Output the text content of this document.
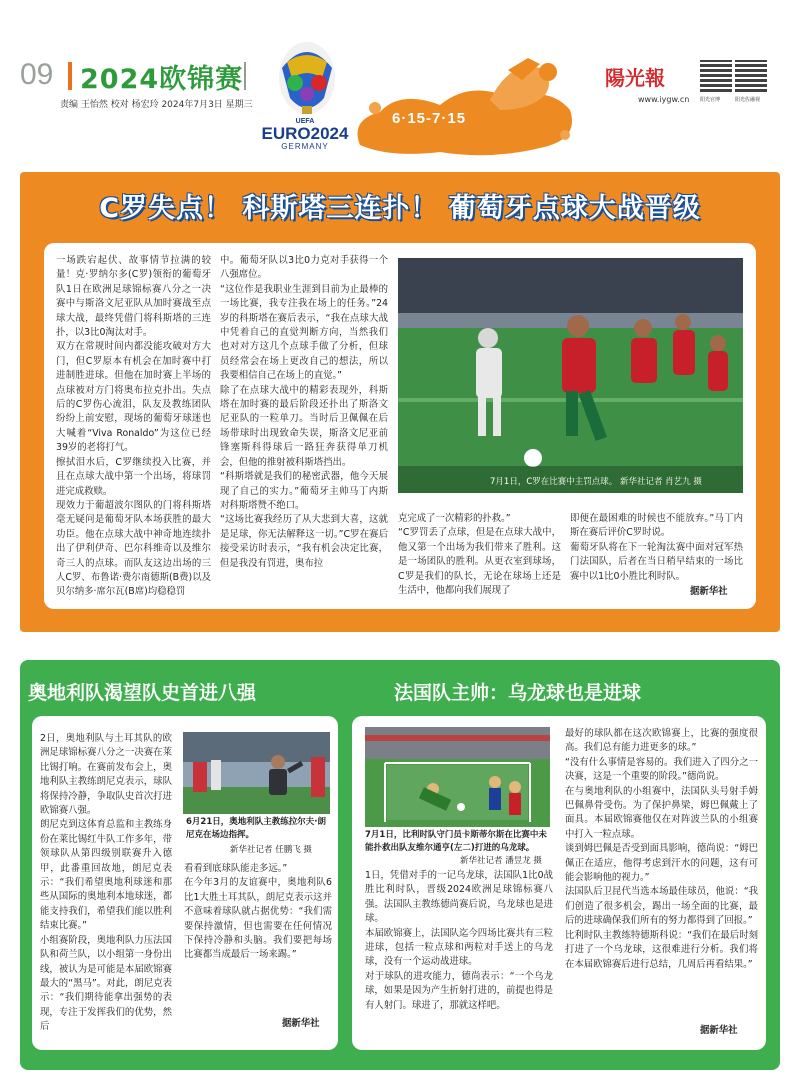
09 2024欧锦赛
责编 王怡然 校对 杨宏玲 2024年7月3日 星期三
UEFA
EURO2024
GERMANY
6·15-7·15
陽光報
www.iygw.cn 阳光官博	阳光佐融视
C罗失点！ 科斯塔三连扑！ 葡萄牙点球大战晋级
一场跌宕起伏、故事情节拉满的较量！克·罗纳尔多(C罗)领衔的葡萄牙队1日在欧洲足球锦标赛八分之一决赛中与斯洛文尼亚队从加时赛战至点球大战，最终凭借门将科斯塔的三连扑，以3比0淘汰对手。
双方在常规时间内都没能攻破对方大门，但C罗原本有机会在加时赛中打进制胜进球。但他在加时赛上半场的点球被对方门将奥布拉克扑出。失点后的C罗伤心流泪，队友及教练团队纷纷上前安慰，现场的葡萄牙球迷也大喊着“Viva Ronaldo”为这位已经39岁的老将打气。
擦拭泪水后，C罗继续投入比赛，并且在点球大战中第一个出场，将球罚进完成救赎。
现效力于葡超波尔图队的门将科斯塔毫无疑问是葡萄牙队本场获胜的最大功臣。他在点球大战中神奇地连续扑出了伊利伊奇、巴尔科维奇以及维尔奇三人的点球。而队友这边出场的三人C罗、布鲁诺·费尔南德斯(B费)以及贝尔纳多·席尔瓦(B席)均稳稳罚
中。葡萄牙队以3比0力克对手获得一个八强席位。
“这位作是我职业生涯到目前为止最棒的一场比赛，我专注我在场上的任务。”24岁的科斯塔在赛后表示，“我在点球大战中凭着自己的直觉判断方向，当然我们也对对方这几个点球手做了分析，但球员经常会在场上更改自己的想法，所以我要相信自己在场上的直觉。”
除了在点球大战中的精彩表现外，科斯塔在加时赛的最后阶段还扑出了斯洛文尼亚队的一粒单刀。当时后卫佩佩在后场带球时出现致命失误，斯洛文尼亚前锋塞斯科得球后一路狂奔获得单刀机会，但他的推射被科斯塔挡出。
“科斯塔就是我们的秘密武器，他今天展现了自己的实力。”葡萄牙主帅马丁内斯对科斯塔赞不绝口。
“这场比赛我经历了从大悲到大喜，这就是足球，你无法解释这一切。”C罗在赛后接受采访时表示，“我有机会决定比赛，但是我没有罚进，奥布拉
7月1日，C罗在比赛中主罚点球。 新华社记者 肖艺九 摄
克完成了一次精彩的扑救。”
“C罗罚丢了点球，但是在点球大战中，他又第一个出场为我们带来了胜利。这是一场团队的胜利。从更衣室到球场，C罗是我们的队长，无论在球场上还是生活中，他都向我们展现了
即便在最困难的时候也不能放弃。”马丁内斯在赛后评价C罗时说。
葡萄牙队将在下一轮淘汰赛中面对冠军热门法国队，后者在当日稍早结束的一场比赛中以1比0小胜比利时队。
据新华社
奥地利队渴望队史首进八强	法国队主帅：乌龙球也是进球
2日，奥地利队与土耳其队的欧洲足球锦标赛八分之一决赛在莱比锡打响。在赛前发布会上，奥地利队主教练朗尼克表示，球队将保持冷静，争取队史首次打进欧锦赛八强。
朗尼克到这体育总监和主教练身份在莱比锡红牛队工作多年，带领球队从第四级别联赛升入德甲，此番重回故地，朗尼克表示：“我们希望奥地利球迷和那些从国际的奥地利本地球迷，都能支持我们，希望我们能以胜利结束比赛。”
小组赛阶段，奥地利队力压法国队和荷兰队，以小组第一身份出线，被认为是可能是本届欧锦赛最大的“黑马”。对此，朗尼克表示：“我们期待能拿出强势的表现，专注于发挥我们的优势，然后
6月21日，奥地利队主教练拉尔夫·朗尼克在场边指挥。
新华社记者 任鹏飞 摄
看看到底球队能走多远。”
在今年3月的友谊赛中，奥地利队6比1大胜土耳其队，朗尼克表示这并不意味着球队就占据优势：“我们需要保持激情，但也需要在任何情况下保持冷静和头脑。我们要把每场比赛都当成最后一场来踢。”
据新华社
7月1日，比利时队守门员卡斯蒂尔斯在比赛中未能扑救出队友维尔通亨(左二)打进的乌龙球。
新华社记者 潘昱龙 摄
1日，凭借对手的一记乌龙球，法国队1比0战胜比利时队，晋级2024欧洲足球锦标赛八强。法国队主教练德尚赛后说，乌龙球也是进球。
本届欧锦赛上，法国队迄今四场比赛共有三粒进球，包括一粒点球和两粒对手送上的乌龙球，没有一个运动战进球。
对于球队的进攻能力，德尚表示：“一个乌龙球，如果是因为产生折射打进的，前提也得是有人射门。球进了，那就这样吧。
最好的球队都在这次欧锦赛上，比赛的强度很高。我们总有能力进更多的球。”
“没有什么事情是容易的。我们进入了四分之一决赛，这是一个重要的阶段。”德尚说。
在与奥地利队的小组赛中，法国队头号射手姆巴佩鼻骨受伤。为了保护鼻梁，姆巴佩戴上了面具。本届欧锦赛他仅在对阵波兰队的小组赛中打入一粒点球。
谈到姆巴佩是否受到面具影响，德尚说：“姆巴佩正在适应，他得考虑到汗水的问题，这有可能会影响他的视力。”
法国队后卫昆代当选本场最佳球员，他说：“我们创造了很多机会，踢出一场全面的比赛，最后的进球确保我们所有的努力都得到了回报。”
比利时队主教练特德斯科说：“我们在最后时刻打进了一个乌龙球，这很难进行分析。我们将在本届欧锦赛后进行总结，几周后再看结果。”
据新华社
